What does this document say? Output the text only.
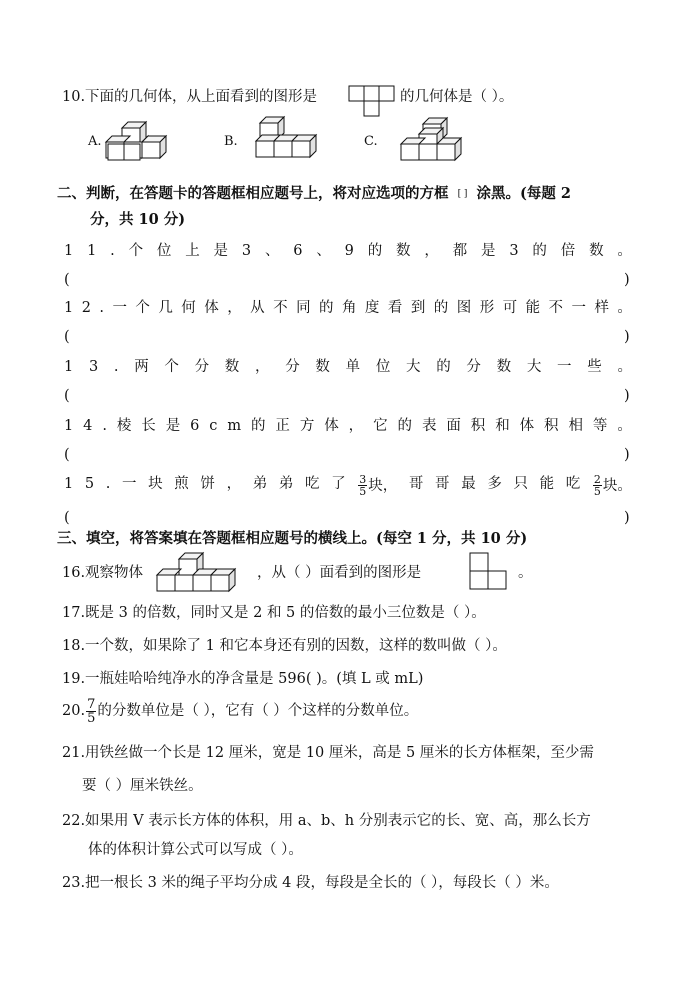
10.下面的几何体，从上面看到的图形是	的几何体是（ ）。
A.	B.	C.
二、判断，在答题卡的答题框相应题号上，将对应选项的方框 [ ] 涂黑。(每题 2
分，共 10 分)
1 1 . 个 位 上 是 3 、 6 、 9 的 数 ， 都 是 3 的 倍 数 。
(	)
1 2 . 一 个 几 何 体 ， 从 不 同 的 角 度 看 到 的 图 形 可 能 不 一 样 。
(	)
1 3 . 两 个 分 数 ， 分 数 单 位 大 的 分 数 大 一 些 。
(	)
1 4 . 棱 长 是 6 c m 的 正 方 体 ， 它 的 表 面 积 和 体 积 相 等 。
(	)
1 5 . 一 块 煎 饼 ， 弟 弟 吃 了 $\frac{3}{5}$ 块， 哥 哥 最 多 只 能 吃 $\frac{2}{5}$ 块。
(	)
三、填空，将答案填在答题框相应题号的横线上。(每空 1 分，共 10 分)
16.观察物体	，从（ ）面看到的图形是	。
17.既是 3 的倍数，同时又是 2 和 5 的倍数的最小三位数是（ ）。
18.一个数，如果除了 1 和它本身还有别的因数，这样的数叫做（ ）。
19.一瓶娃哈哈纯净水的净含量是 596( )。(填 L 或 mL)
20. $\frac{7}{5}$ 的分数单位是（ ），它有（ ）个这样的分数单位。
21.用铁丝做一个长是 12 厘米，宽是 10 厘米，高是 5 厘米的长方体框架，至少需
要（ ）厘米铁丝。
22.如果用 V 表示长方体的体积，用 a、b、h 分别表示它的长、宽、高，那么长方
体的体积计算公式可以写成（ ）。
23.把一根长 3 米的绳子平均分成 4 段，每段是全长的（ ），每段长（ ）米。
